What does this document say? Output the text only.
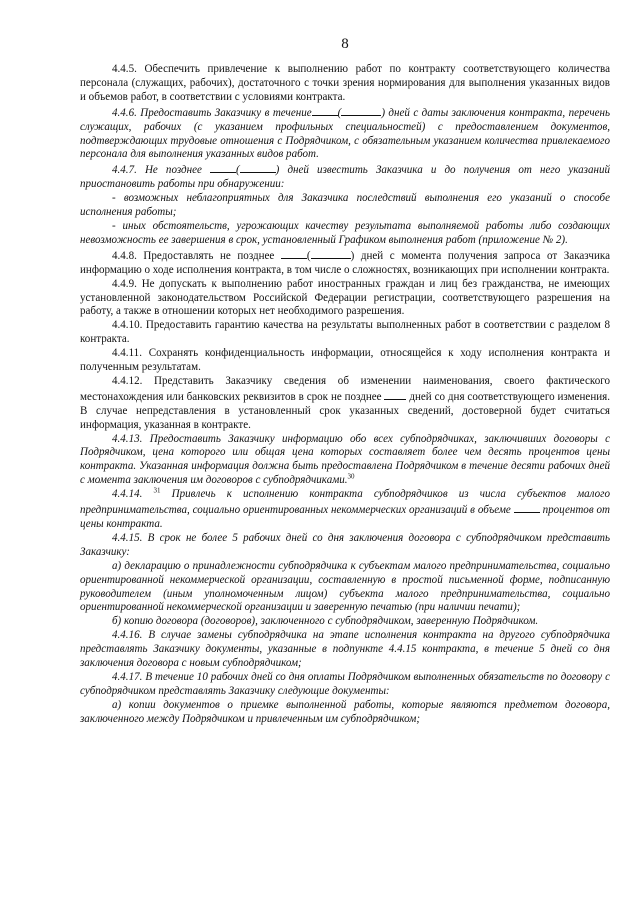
8

4.4.5. Обеспечить привлечение к выполнению работ по контракту соответствующего количества персонала (служащих, рабочих), достаточного с точки зрения нормирования для выполнения указанных видов и объемов работ, в соответствии с условиями контракта.

4.4.6. Предоставить Заказчику в течение (	) дней с даты заключения контракта, перечень служащих, рабочих (с указанием профильных специальностей) с предоставлением документов, подтверждающих трудовые отношения с Подрядчиком, с обязательным указанием количества привлекаемого персонала для выполнения указанных видов работ.

4.4.7. Не позднее	(	) дней известить Заказчика и до получения от него указаний приостановить работы при обнаружении:

- возможных неблагоприятных для Заказчика последствий выполнения его указаний о способе исполнения работы;

- иных обстоятельств, угрожающих качеству результата выполняемой работы либо создающих невозможность ее завершения в срок, установленный Графиком выполнения работ (приложение № 2).

4.4.8. Предоставлять не позднее	(	) дней с момента получения запроса от Заказчика информацию о ходе исполнения контракта, в том числе о сложностях, возникающих при исполнении контракта.

4.4.9. Не допускать к выполнению работ иностранных граждан и лиц без гражданства, не имеющих установленной законодательством Российской Федерации регистрации, соответствующего разрешения на работу, а также в отношении которых нет необходимого разрешения.

4.4.10. Предоставить гарантию качества на результаты выполненных работ в соответствии с разделом 8 контракта.

4.4.11. Сохранять конфиденциальность информации, относящейся к ходу исполнения контракта и полученным результатам.

4.4.12. Представить Заказчику сведения об изменении наименования, своего фактического местонахождения или банковских реквизитов в срок не позднее	дней со дня соответствующего изменения. В случае непредставления в установленный срок указанных сведений, достоверной будет считаться информация, указанная в контракте.

4.4.13. Предоставить Заказчику информацию обо всех субподрядчиках, заключивших договоры с Подрядчиком, цена которого или общая цена которых составляет более чем десять процентов цены контракта. Указанная информация должна быть предоставлена Подрядчиком в течение десяти рабочих дней с момента заключения им договоров с субподрядчиками.$^{30}$

4.4.14. $^{31}$ Привлечь к исполнению контракта субподрядчиков из числа субъектов малого предпринимательства, социально ориентированных некоммерческих организаций в объеме	процентов от цены контракта.

4.4.15. В срок не более 5 рабочих дней со дня заключения договора с субподрядчиком представить Заказчику:

а) декларацию о принадлежности субподрядчика к субъектам малого предпринимательства, социально ориентированной некоммерческой организации, составленную в простой письменной форме, подписанную руководителем (иным уполномоченным лицом) субъекта малого предпринимательства, социально ориентированной некоммерческой организации и заверенную печатью (при наличии печати);

б) копию договора (договоров), заключенного с субподрядчиком, заверенную Подрядчиком.

4.4.16. В случае замены субподрядчика на этапе исполнения контракта на другого субподрядчика представлять Заказчику документы, указанные в подпункте 4.4.15 контракта, в течение 5 дней со дня заключения договора с новым субподрядчиком;

4.4.17. В течение 10 рабочих дней со дня оплаты Подрядчиком выполненных обязательств по договору с субподрядчиком представлять Заказчику следующие документы:

а) копии документов о приемке выполненной работы, которые являются предметом договора, заключенного между Подрядчиком и привлеченным им субподрядчиком;
